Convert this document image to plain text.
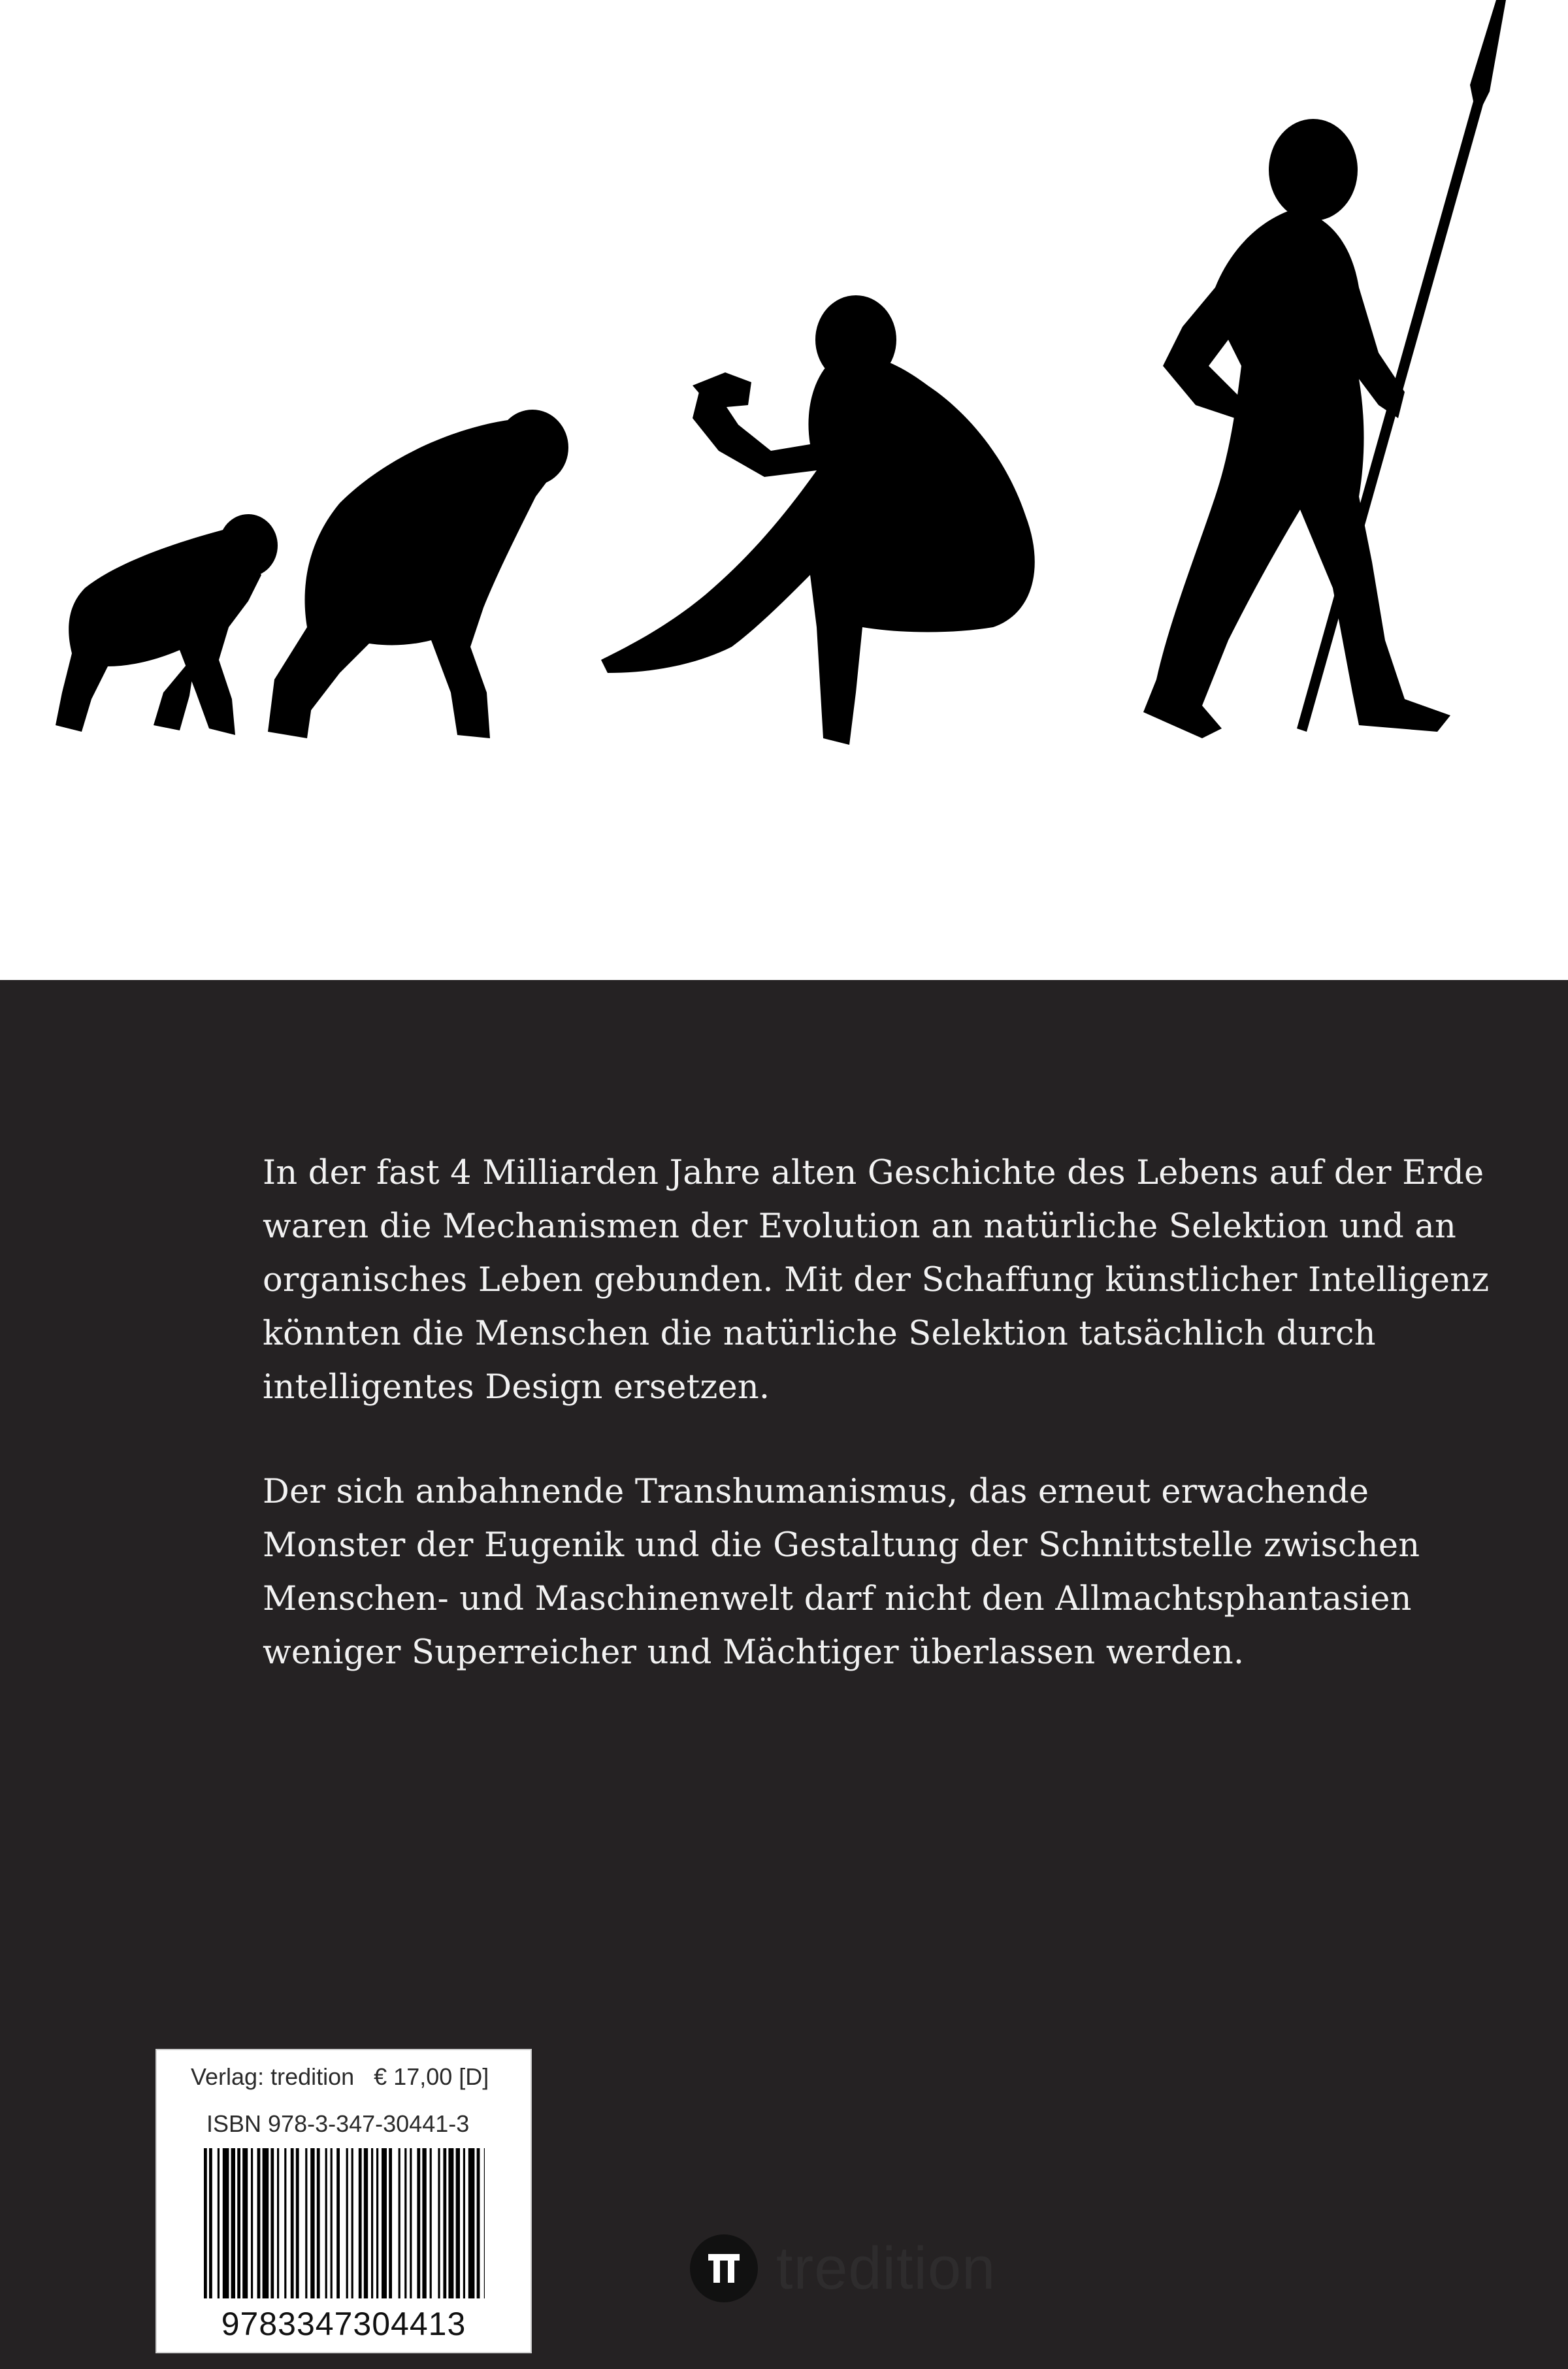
In der fast 4 Milliarden Jahre alten Geschichte des Lebens auf der Erde waren die Mechanismen der Evolution an natürliche Selektion und an organisches Leben gebunden. Mit der Schaffung künstlicher Intelligenz könnten die Menschen die natürliche Selektion tatsächlich durch intelligentes Design ersetzen.

Der sich anbahnende Transhumanismus, das erneut erwachende Monster der Eugenik und die Gestaltung der Schnittstelle zwischen Menschen- und Maschinenwelt darf nicht den Allmachtsphantasien weniger Superreicher und Mächtiger überlassen werden.

Verlag: tredition   € 17,00 [D]
ISBN 978-3-347-30441-3
9783347304413
tredition
